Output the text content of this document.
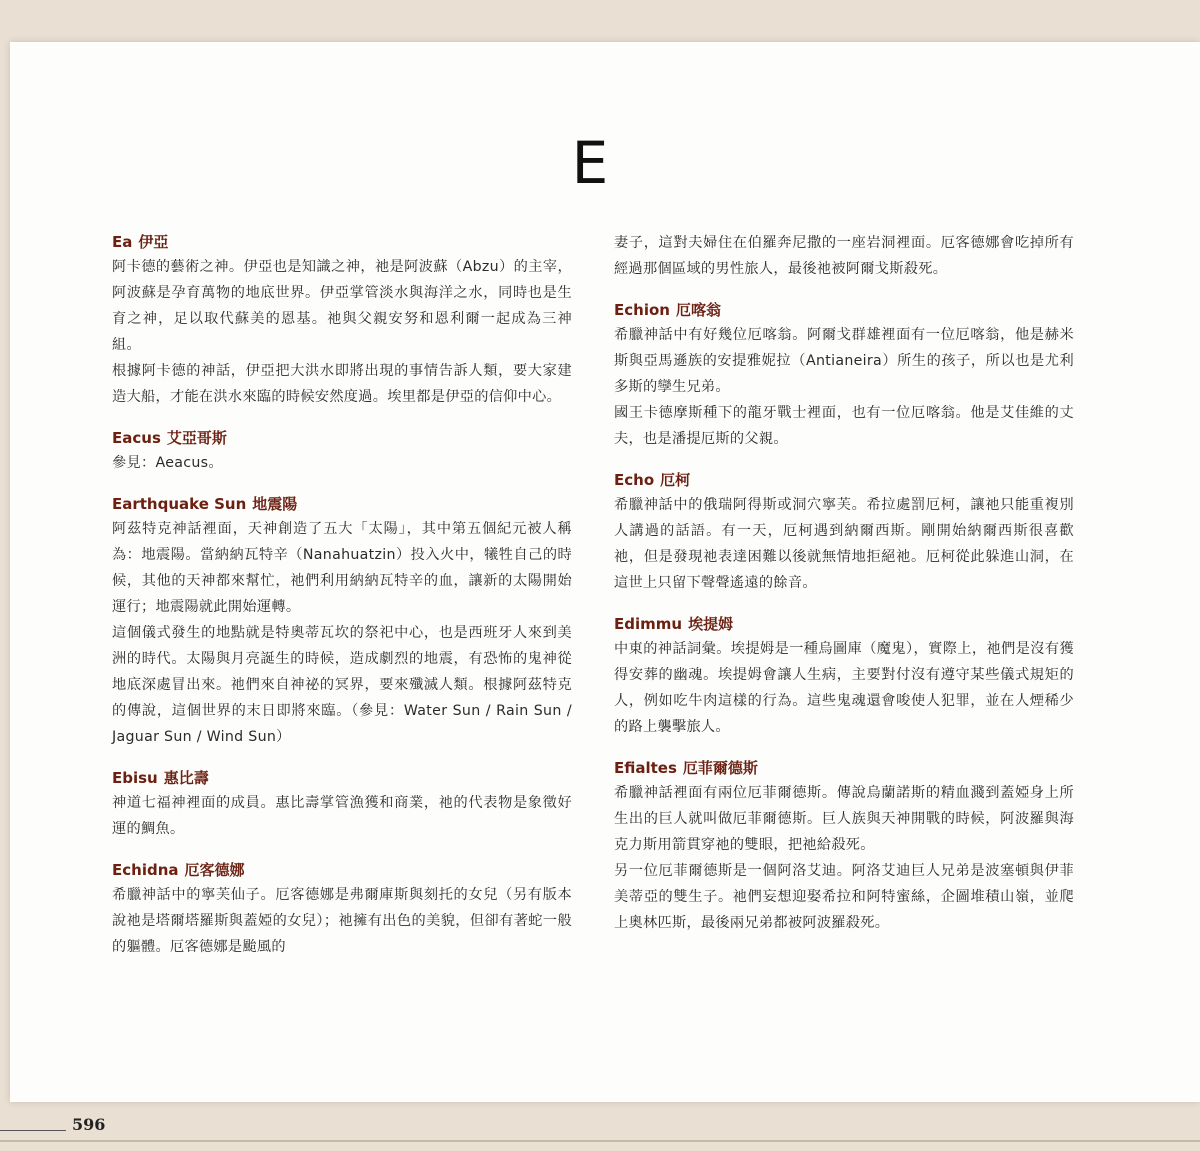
E
Ea 伊亞

阿卡德的藝術之神。伊亞也是知識之神，祂是阿波蘇（Abzu）的主宰，阿波蘇是孕育萬物的地底世界。伊亞掌管淡水與海洋之水，同時也是生育之神，足以取代蘇美的恩基。祂與父親安努和恩利爾一起成為三神組。

根據阿卡德的神話，伊亞把大洪水即將出現的事情告訴人類，要大家建造大船，才能在洪水來臨的時候安然度過。埃里都是伊亞的信仰中心。

Eacus 艾亞哥斯

參見：Aeacus。

Earthquake Sun 地震陽

阿茲特克神話裡面，天神創造了五大「太陽」，其中第五個紀元被人稱為：地震陽。當納納瓦特辛（Nanahuatzin）投入火中，犧牲自己的時候，其他的天神都來幫忙，祂們利用納納瓦特辛的血，讓新的太陽開始運行；地震陽就此開始運轉。

這個儀式發生的地點就是特奧蒂瓦坎的祭祀中心，也是西班牙人來到美洲的時代。太陽與月亮誕生的時候，造成劇烈的地震，有恐怖的鬼神從地底深處冒出來。祂們來自神祕的冥界，要來殲滅人類。根據阿茲特克的傳說，這個世界的末日即將來臨。（參見：Water Sun / Rain Sun / Jaguar Sun / Wind Sun）

Ebisu 惠比壽

神道七福神裡面的成員。惠比壽掌管漁獲和商業，祂的代表物是象徵好運的鯛魚。

Echidna 厄客德娜

希臘神話中的寧芙仙子。厄客德娜是弗爾庫斯與刻托的女兒（另有版本說祂是塔爾塔羅斯與蓋婭的女兒）；祂擁有出色的美貌，但卻有著蛇一般的軀體。厄客德娜是颱風的

妻子，這對夫婦住在伯羅奔尼撒的一座岩洞裡面。厄客德娜會吃掉所有經過那個區域的男性旅人，最後祂被阿爾戈斯殺死。

Echion 厄喀翁

希臘神話中有好幾位厄喀翁。阿爾戈群雄裡面有一位厄喀翁，他是赫米斯與亞馬遜族的安提雅妮拉（Antianeira）所生的孩子，所以也是尤利多斯的孿生兄弟。

國王卡德摩斯種下的龍牙戰士裡面，也有一位厄喀翁。他是艾佳維的丈夫，也是潘提厄斯的父親。

Echo 厄柯

希臘神話中的俄瑞阿得斯或洞穴寧芙。希拉處罰厄柯，讓祂只能重複別人講過的話語。有一天，厄柯遇到納爾西斯。剛開始納爾西斯很喜歡祂，但是發現祂表達困難以後就無情地拒絕祂。厄柯從此躲進山洞，在這世上只留下聲聲遙遠的餘音。

Edimmu 埃提姆

中東的神話詞彙。埃提姆是一種烏圖庫（魔鬼），實際上，祂們是沒有獲得安葬的幽魂。埃提姆會讓人生病，主要對付沒有遵守某些儀式規矩的人，例如吃牛肉這樣的行為。這些鬼魂還會唆使人犯罪，並在人煙稀少的路上襲擊旅人。

Efialtes 厄菲爾德斯

希臘神話裡面有兩位厄菲爾德斯。傳說烏蘭諾斯的精血濺到蓋婭身上所生出的巨人就叫做厄菲爾德斯。巨人族與天神開戰的時候，阿波羅與海克力斯用箭貫穿祂的雙眼，把祂給殺死。

另一位厄菲爾德斯是一個阿洛艾迪。阿洛艾迪巨人兄弟是波塞頓與伊菲美蒂亞的雙生子。祂們妄想迎娶希拉和阿特蜜絲，企圖堆積山嶺，並爬上奧林匹斯，最後兩兄弟都被阿波羅殺死。

596
